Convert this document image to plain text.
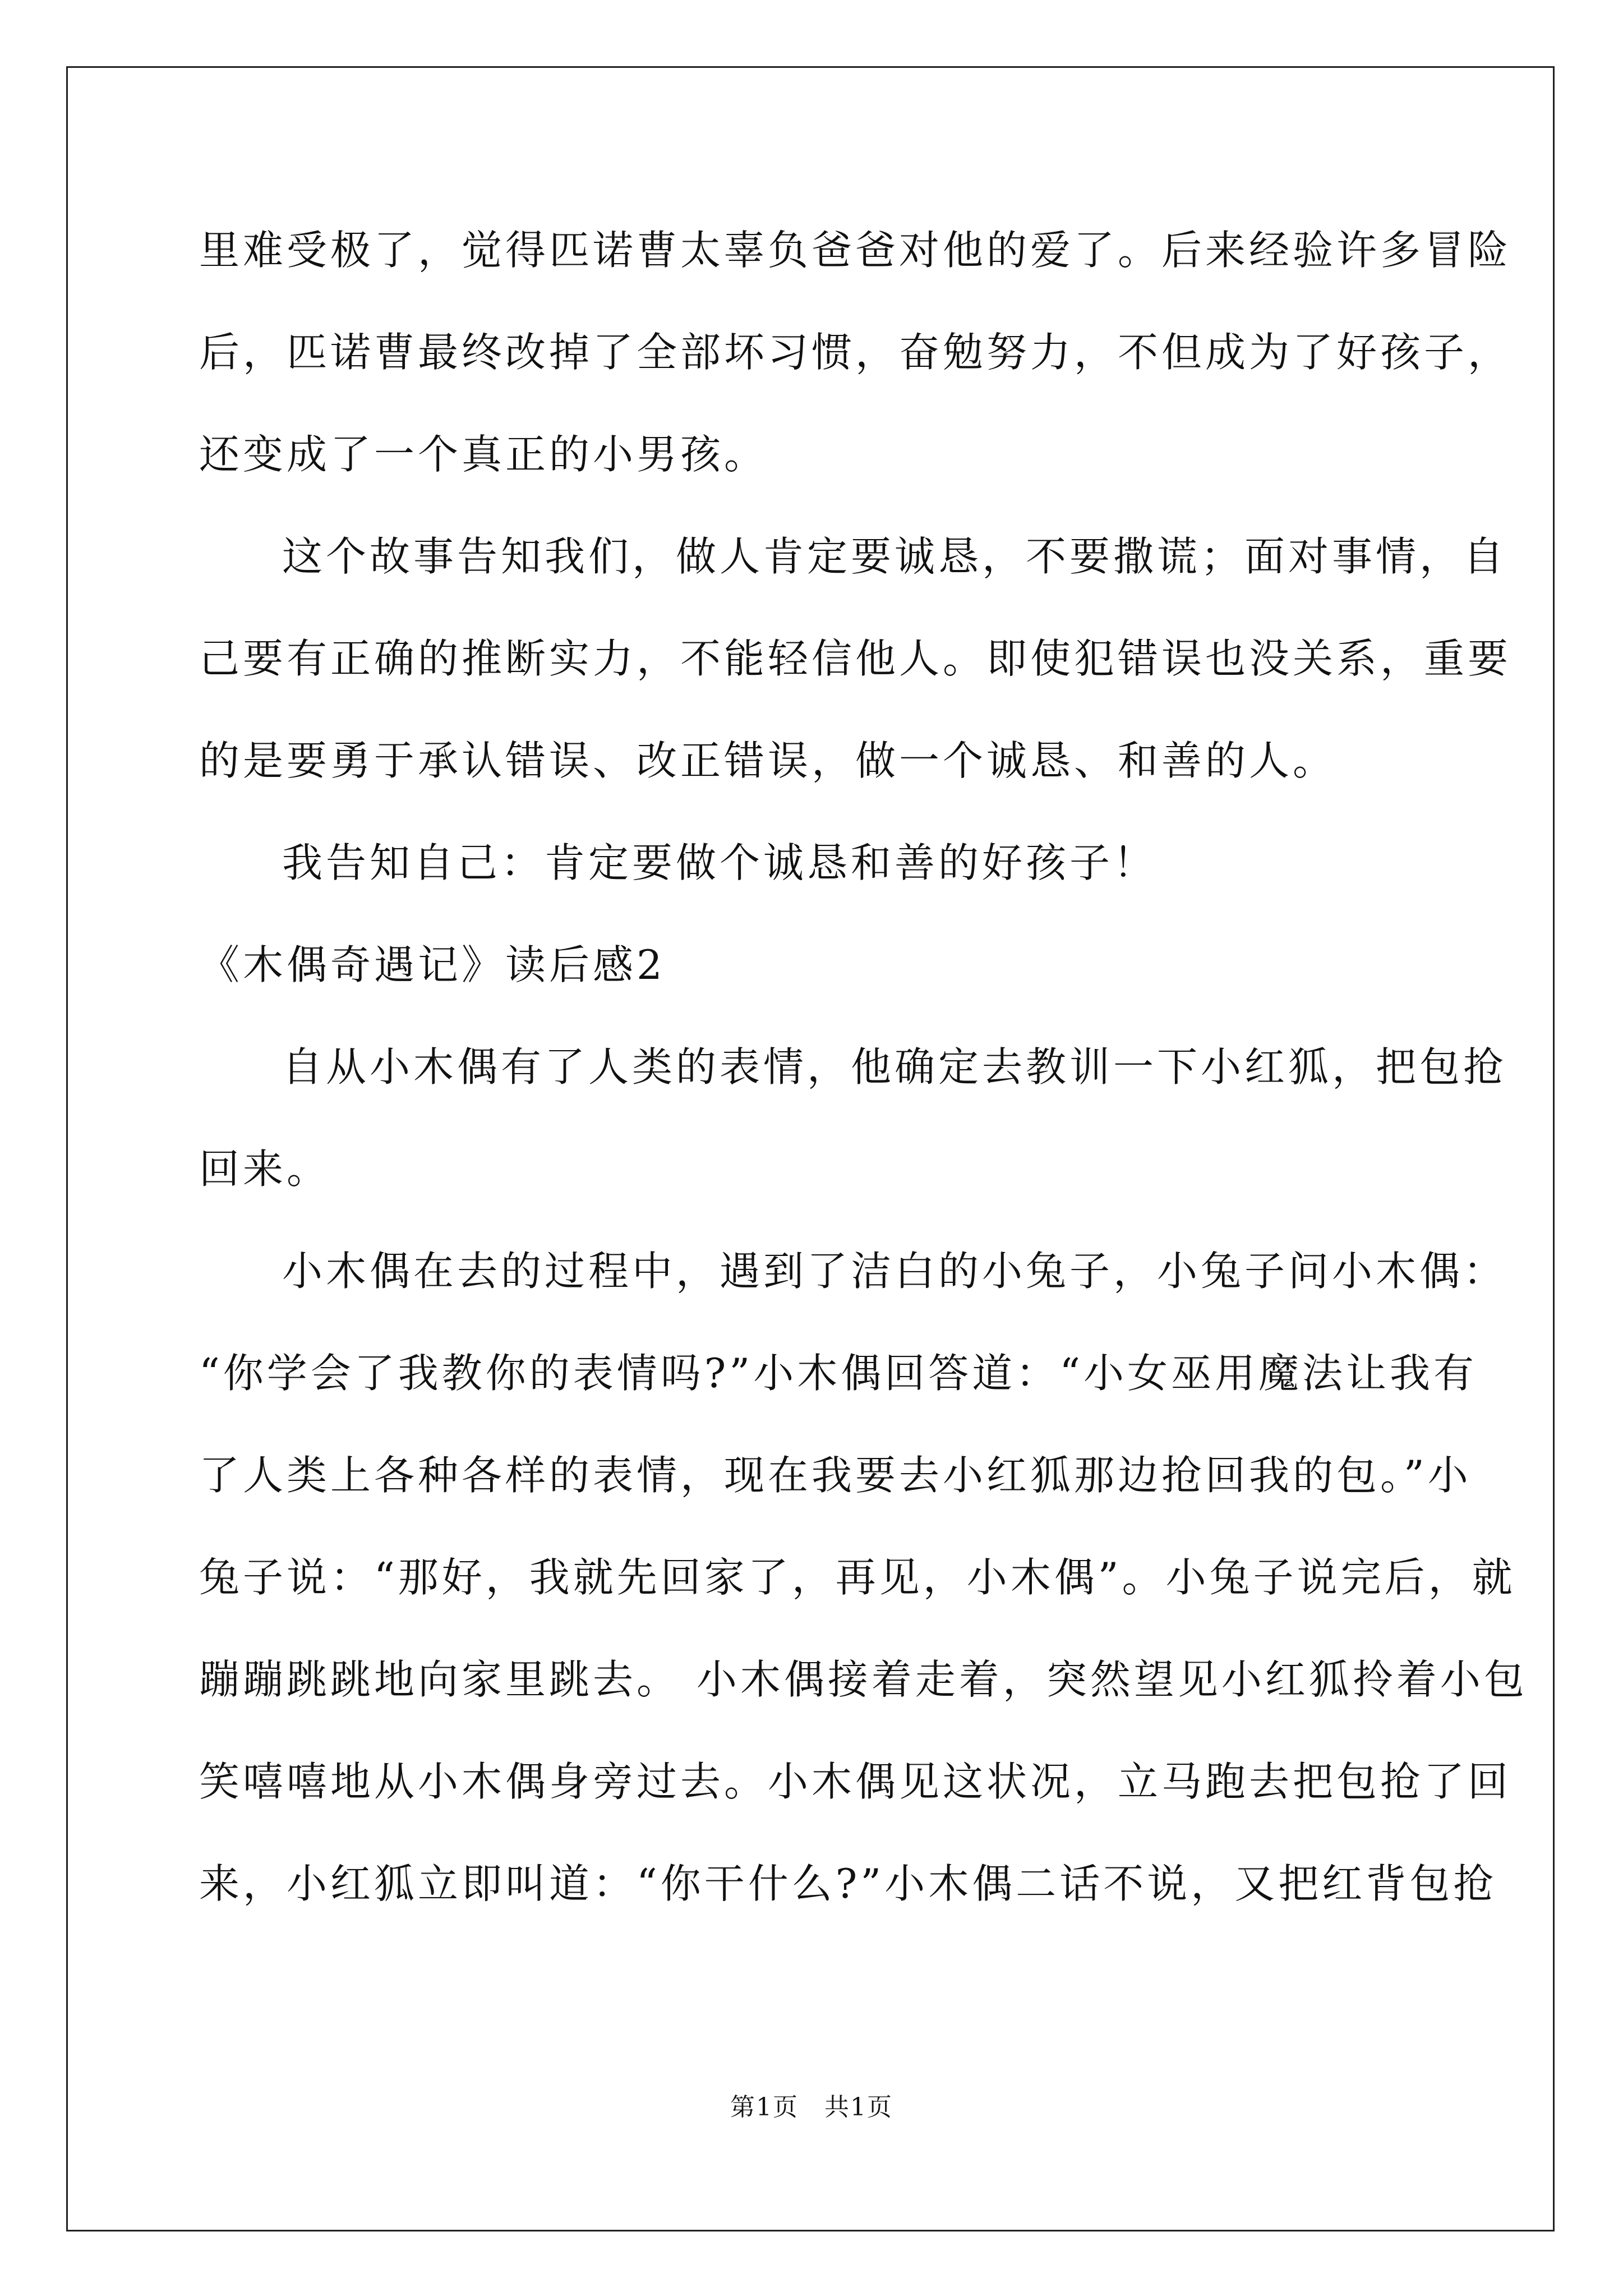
里难受极了，觉得匹诺曹太辜负爸爸对他的爱了。后来经验许多冒险
后，匹诺曹最终改掉了全部坏习惯，奋勉努力，不但成为了好孩子，
还变成了一个真正的小男孩。
这个故事告知我们，做人肯定要诚恳，不要撒谎；面对事情，自
己要有正确的推断实力，不能轻信他人。即使犯错误也没关系，重要
的是要勇于承认错误、改正错误，做一个诚恳、和善的人。
我告知自己：肯定要做个诚恳和善的好孩子！
《木偶奇遇记》读后感2
自从小木偶有了人类的表情，他确定去教训一下小红狐，把包抢
回来。
小木偶在去的过程中，遇到了洁白的小兔子，小兔子问小木偶：
“你学会了我教你的表情吗?”小木偶回答道：“小女巫用魔法让我有
了人类上各种各样的表情，现在我要去小红狐那边抢回我的包。”小
兔子说：“那好，我就先回家了，再见，小木偶”。小兔子说完后，就
蹦蹦跳跳地向家里跳去。 小木偶接着走着，突然望见小红狐拎着小包
笑嘻嘻地从小木偶身旁过去。小木偶见这状况，立马跑去把包抢了回
来，小红狐立即叫道：“你干什么?”小木偶二话不说，又把红背包抢
第1页　共1页
